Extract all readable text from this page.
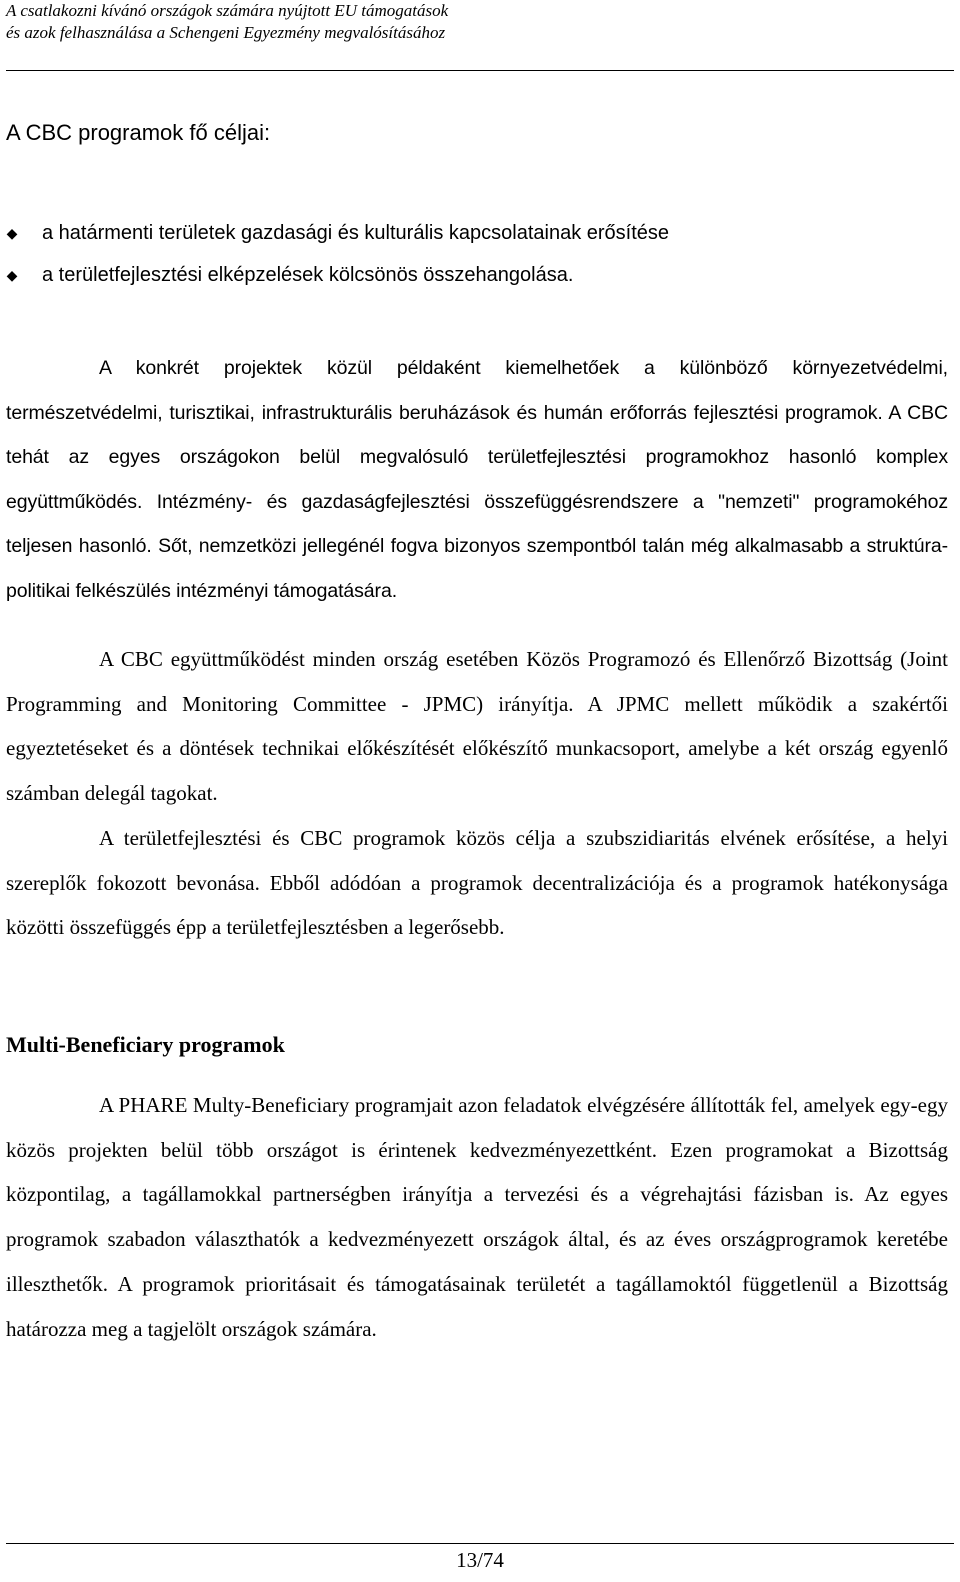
A csatlakozni kívánó országok számára nyújtott EU támogatások
és azok felhasználása a Schengeni Egyezmény megvalósításához
A CBC programok fő céljai:
◆ a határmenti területek gazdasági és kulturális kapcsolatainak erősítése
◆ a területfejlesztési elképzelések kölcsönös összehangolása.

A konkrét projektek közül példaként kiemelhetőek a különböző környezetvédelmi, természetvédelmi, turisztikai, infrastrukturális beruházások és humán erőforrás fejlesztési programok. A CBC tehát az egyes országokon belül megvalósuló területfejlesztési programokhoz hasonló komplex együttműködés. Intézmény- és gazdaságfejlesztési összefüggésrendszere a "nemzeti" programokéhoz teljesen hasonló. Sőt, nemzetközi jellegénél fogva bizonyos szempontból talán még alkalmasabb a struktúra-politikai felkészülés intézményi támogatására.

A CBC együttműködést minden ország esetében Közös Programozó és Ellenőrző Bizottság (Joint Programming and Monitoring Committee - JPMC) irányítja. A JPMC mellett működik a szakértői egyeztetéseket és a döntések technikai előkészítését előkészítő munkacsoport, amelybe a két ország egyenlő számban delegál tagokat.

A területfejlesztési és CBC programok közös célja a szubszidiaritás elvének erősítése, a helyi szereplők fokozott bevonása. Ebből adódóan a programok decentralizációja és a programok hatékonysága közötti összefüggés épp a területfejlesztésben a legerősebb.

Multi-Beneficiary programok

A PHARE Multy-Beneficiary programjait azon feladatok elvégzésére állították fel, amelyek egy-egy közös projekten belül több országot is érintenek kedvezményezettként. Ezen programokat a Bizottság központilag, a tagállamokkal partnerségben irányítja a tervezési és a végrehajtási fázisban is. Az egyes programok szabadon választhatók a kedvezményezett országok által, és az éves országprogramok keretébe illeszthetők. A programok prioritásait és támogatásainak területét a tagállamoktól függetlenül a Bizottság határozza meg a tagjelölt országok számára.

13/74
